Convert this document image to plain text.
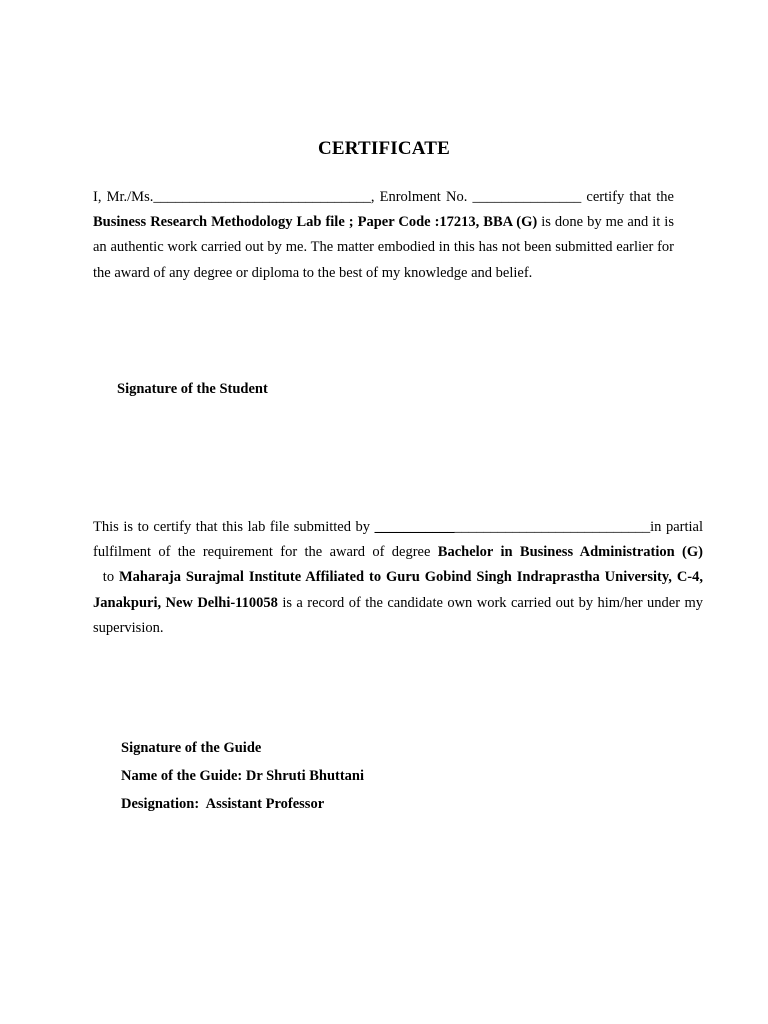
CERTIFICATE
I, Mr./Ms.______________________________, Enrolment No. _______________ certify that the Business Research Methodology Lab file ; Paper Code :17213, BBA (G) is done by me and it is an authentic work carried out by me. The matter embodied in this has not been submitted earlier for the award of any degree or diploma to the best of my knowledge and belief.
Signature of the Student
This is to certify that this lab file submitted by ______________________________________in partial fulfilment of the requirement for the award of degree Bachelor in Business Administration (G)  to Maharaja Surajmal Institute Affiliated to Guru Gobind Singh Indraprastha University, C-4, Janakpuri, New Delhi-110058 is a record of the candidate own work carried out by him/her under my supervision.
Signature of the Guide
Name of the Guide: Dr Shruti Bhuttani
Designation:  Assistant Professor
